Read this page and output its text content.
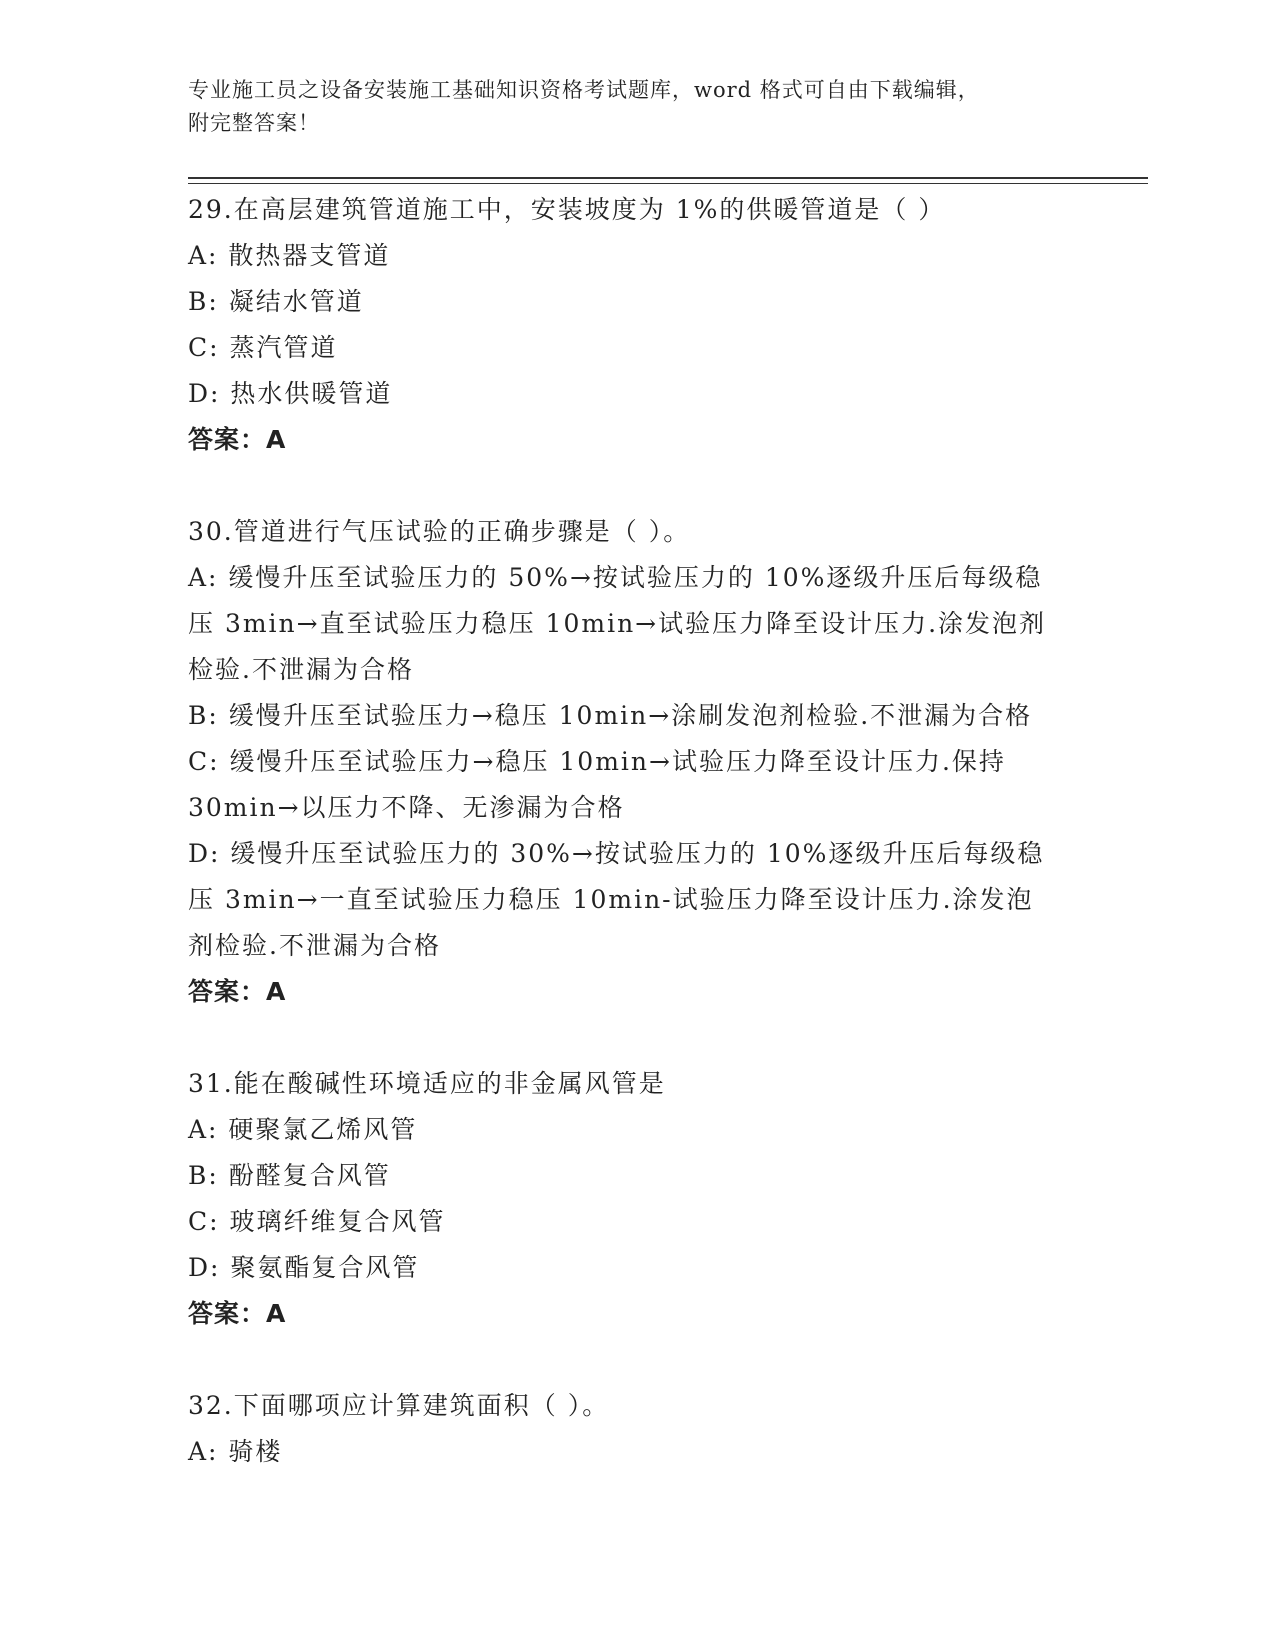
专业施工员之设备安装施工基础知识资格考试题库，word 格式可自由下载编辑，
附完整答案！
29.在高层建筑管道施工中，安装坡度为 1%的供暖管道是（ ）
A: 散热器支管道
B: 凝结水管道
C: 蒸汽管道
D: 热水供暖管道
答案：A
30.管道进行气压试验的正确步骤是（ ）。
A: 缓慢升压至试验压力的 50%→按试验压力的 10%逐级升压后每级稳
压 3min→直至试验压力稳压 10min→试验压力降至设计压力.涂发泡剂
检验.不泄漏为合格
B: 缓慢升压至试验压力→稳压 10min→涂刷发泡剂检验.不泄漏为合格
C: 缓慢升压至试验压力→稳压 10min→试验压力降至设计压力.保持
30min→以压力不降、无渗漏为合格
D: 缓慢升压至试验压力的 30%→按试验压力的 10%逐级升压后每级稳
压 3min→一直至试验压力稳压 10min-试验压力降至设计压力.涂发泡
剂检验.不泄漏为合格
答案：A
31.能在酸碱性环境适应的非金属风管是
A: 硬聚氯乙烯风管
B: 酚醛复合风管
C: 玻璃纤维复合风管
D: 聚氨酯复合风管
答案：A
32.下面哪项应计算建筑面积（ ）。
A: 骑楼
